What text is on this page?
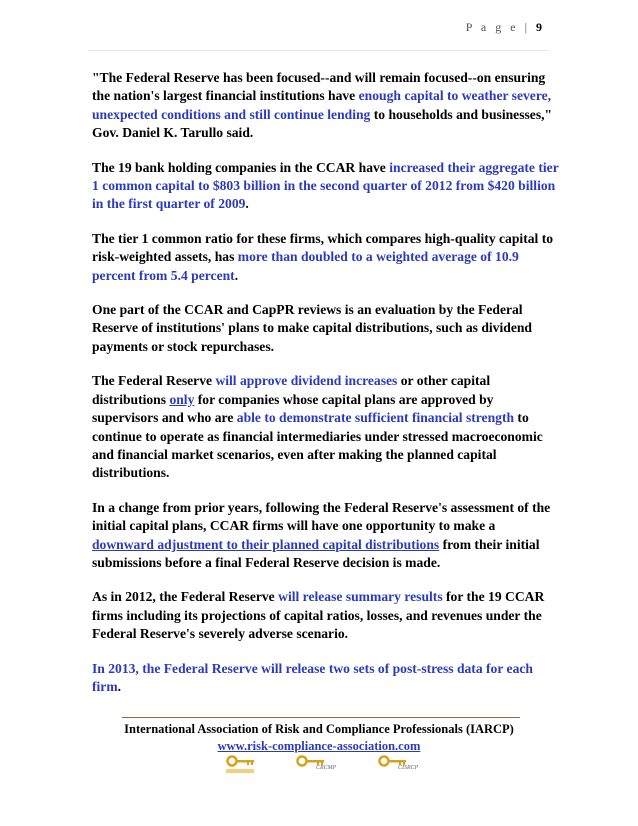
P a g e | 9

"The Federal Reserve has been focused--and will remain focused--on ensuring the nation's largest financial institutions have enough capital to weather severe, unexpected conditions and still continue lending to households and businesses," Gov. Daniel K. Tarullo said.

The 19 bank holding companies in the CCAR have increased their aggregate tier 1 common capital to $803 billion in the second quarter of 2012 from $420 billion in the first quarter of 2009.

The tier 1 common ratio for these firms, which compares high-quality capital to risk-weighted assets, has more than doubled to a weighted average of 10.9 percent from 5.4 percent.

One part of the CCAR and CapPR reviews is an evaluation by the Federal Reserve of institutions' plans to make capital distributions, such as dividend payments or stock repurchases.

The Federal Reserve will approve dividend increases or other capital distributions only for companies whose capital plans are approved by supervisors and who are able to demonstrate sufficient financial strength to continue to operate as financial intermediaries under stressed macroeconomic and financial market scenarios, even after making the planned capital distributions.

In a change from prior years, following the Federal Reserve's assessment of the initial capital plans, CCAR firms will have one opportunity to make a downward adjustment to their planned capital distributions from their initial submissions before a final Federal Reserve decision is made.

As in 2012, the Federal Reserve will release summary results for the 19 CCAR firms including its projections of capital ratios, losses, and revenues under the Federal Reserve's severely adverse scenario.

In 2013, the Federal Reserve will release two sets of post-stress data for each firm.

International Association of Risk and Compliance Professionals (IARCP)
www.risk-compliance-association.com
CRCMP	CISRCP
